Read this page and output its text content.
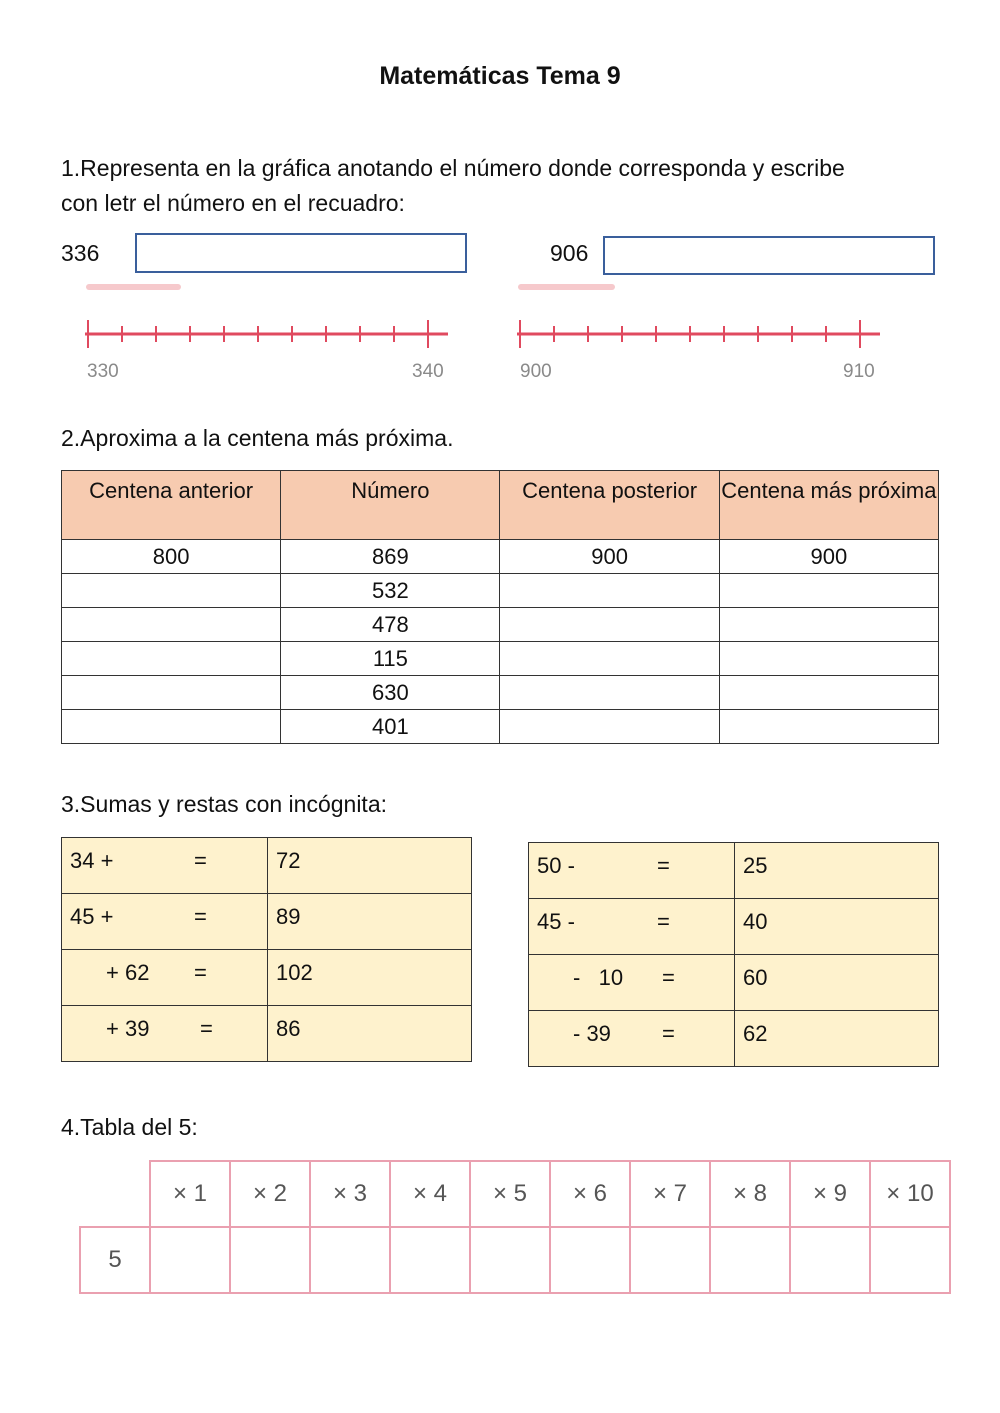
Matemáticas Tema 9
1.Representa en la gráfica anotando el número donde corresponda y escribe
con letr el número en el recuadro:
336	906
330	340	900	910
2.Aproxima a la centena más próxima.
Centena anterior	Número	Centena posterior	Centena más próxima
800	869	900	900
	532		
	478		
	115		
	630		
	401		
3.Sumas y restas con incógnita:
34 + =	72

45 + =	89

+ 62 =	102

+ 39 =	86
50 - =	25

45 - =	40

-   10 =	60

- 39 =	62
4.Tabla del 5:
	× 1	× 2	× 3	× 4	× 5	× 6	× 7	× 8	× 9	× 10
5										
